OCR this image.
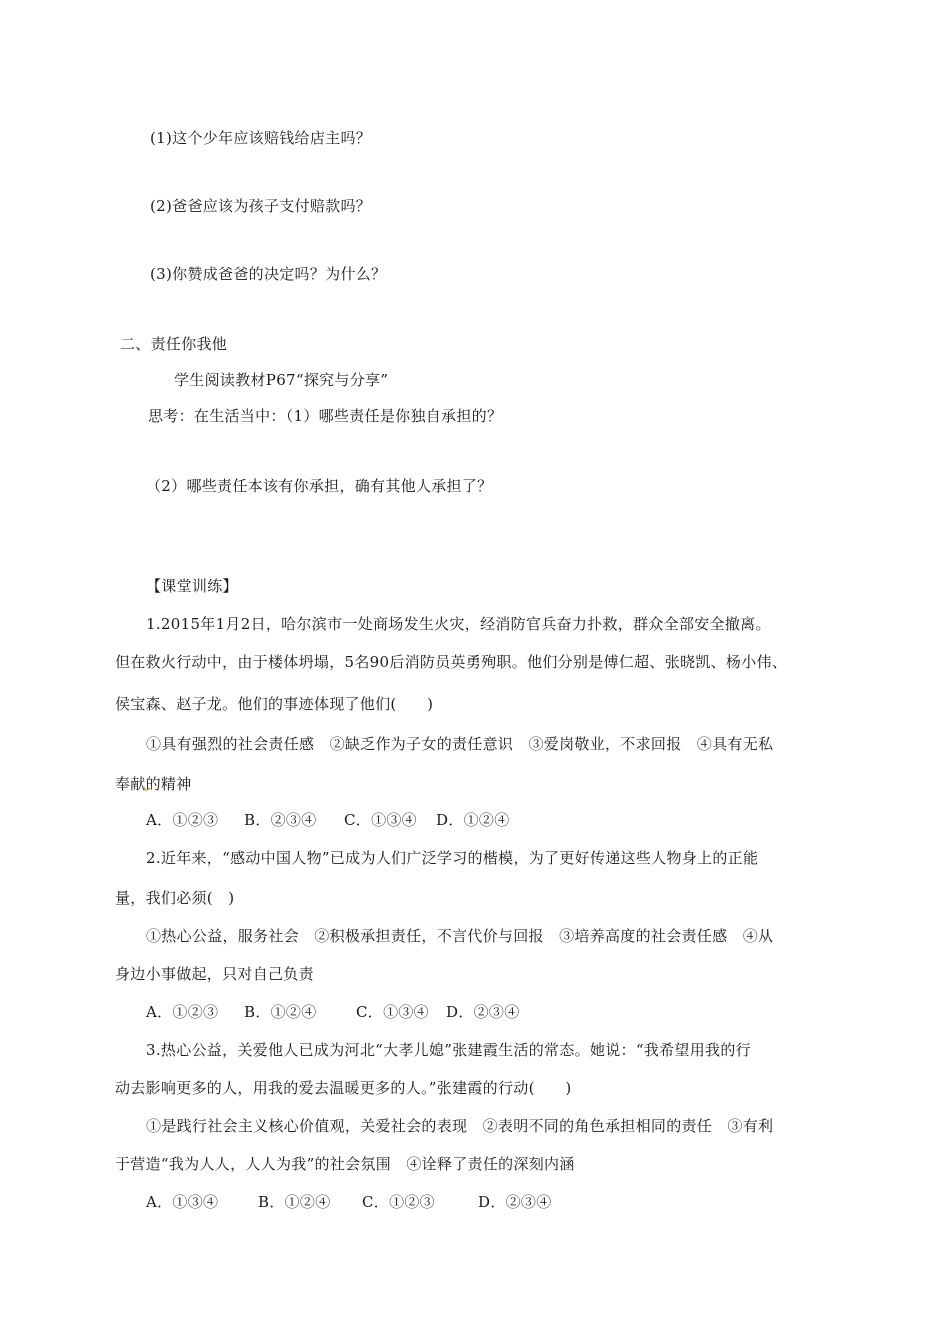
(1)这个少年应该赔钱给店主吗？
(2)爸爸应该为孩子支付赔款吗？
(3)你赞成爸爸的决定吗？为什么？
二、责任你我他
学生阅读教材P67“探究与分享”
思考：在生活当中：（1）哪些责任是你独自承担的？
（2）哪些责任本该有你承担，确有其他人承担了？
【课堂训练】
1.2015年1月2日，哈尔滨市一处商场发生火灾，经消防官兵奋力扑救，群众全部安全撤离。
但在救火行动中，由于楼体坍塌，5名90后消防员英勇殉职。他们分别是傅仁超、张晓凯、杨小伟、
侯宝森、赵子龙。他们的事迹体现了他们(　　)
①具有强烈的社会责任感　②缺乏作为子女的责任意识　③爱岗敬业，不求回报　④具有无私
奉献的精神
A．①②③ B．②③④ C．①③④ D．①②④
2.近年来，“感动中国人物”已成为人们广泛学习的楷模，为了更好传递这些人物身上的正能
量，我们必须(　)
①热心公益，服务社会　②积极承担责任，不言代价与回报　③培养高度的社会责任感　④从
身边小事做起，只对自己负责
A．①②③ B．①②④	C．①③④ D．②③④
3.热心公益，关爱他人已成为河北“大孝儿媳”张建霞生活的常态。她说：“我希望用我的行
动去影响更多的人，用我的爱去温暖更多的人。”张建霞的行动(　　)
①是践行社会主义核心价值观，关爱社会的表现　②表明不同的角色承担相同的责任　③有利
于营造“我为人人，人人为我”的社会氛围　④诠释了责任的深刻内涵
A．①③④	B．①②④ C．①②③	D．②③④
